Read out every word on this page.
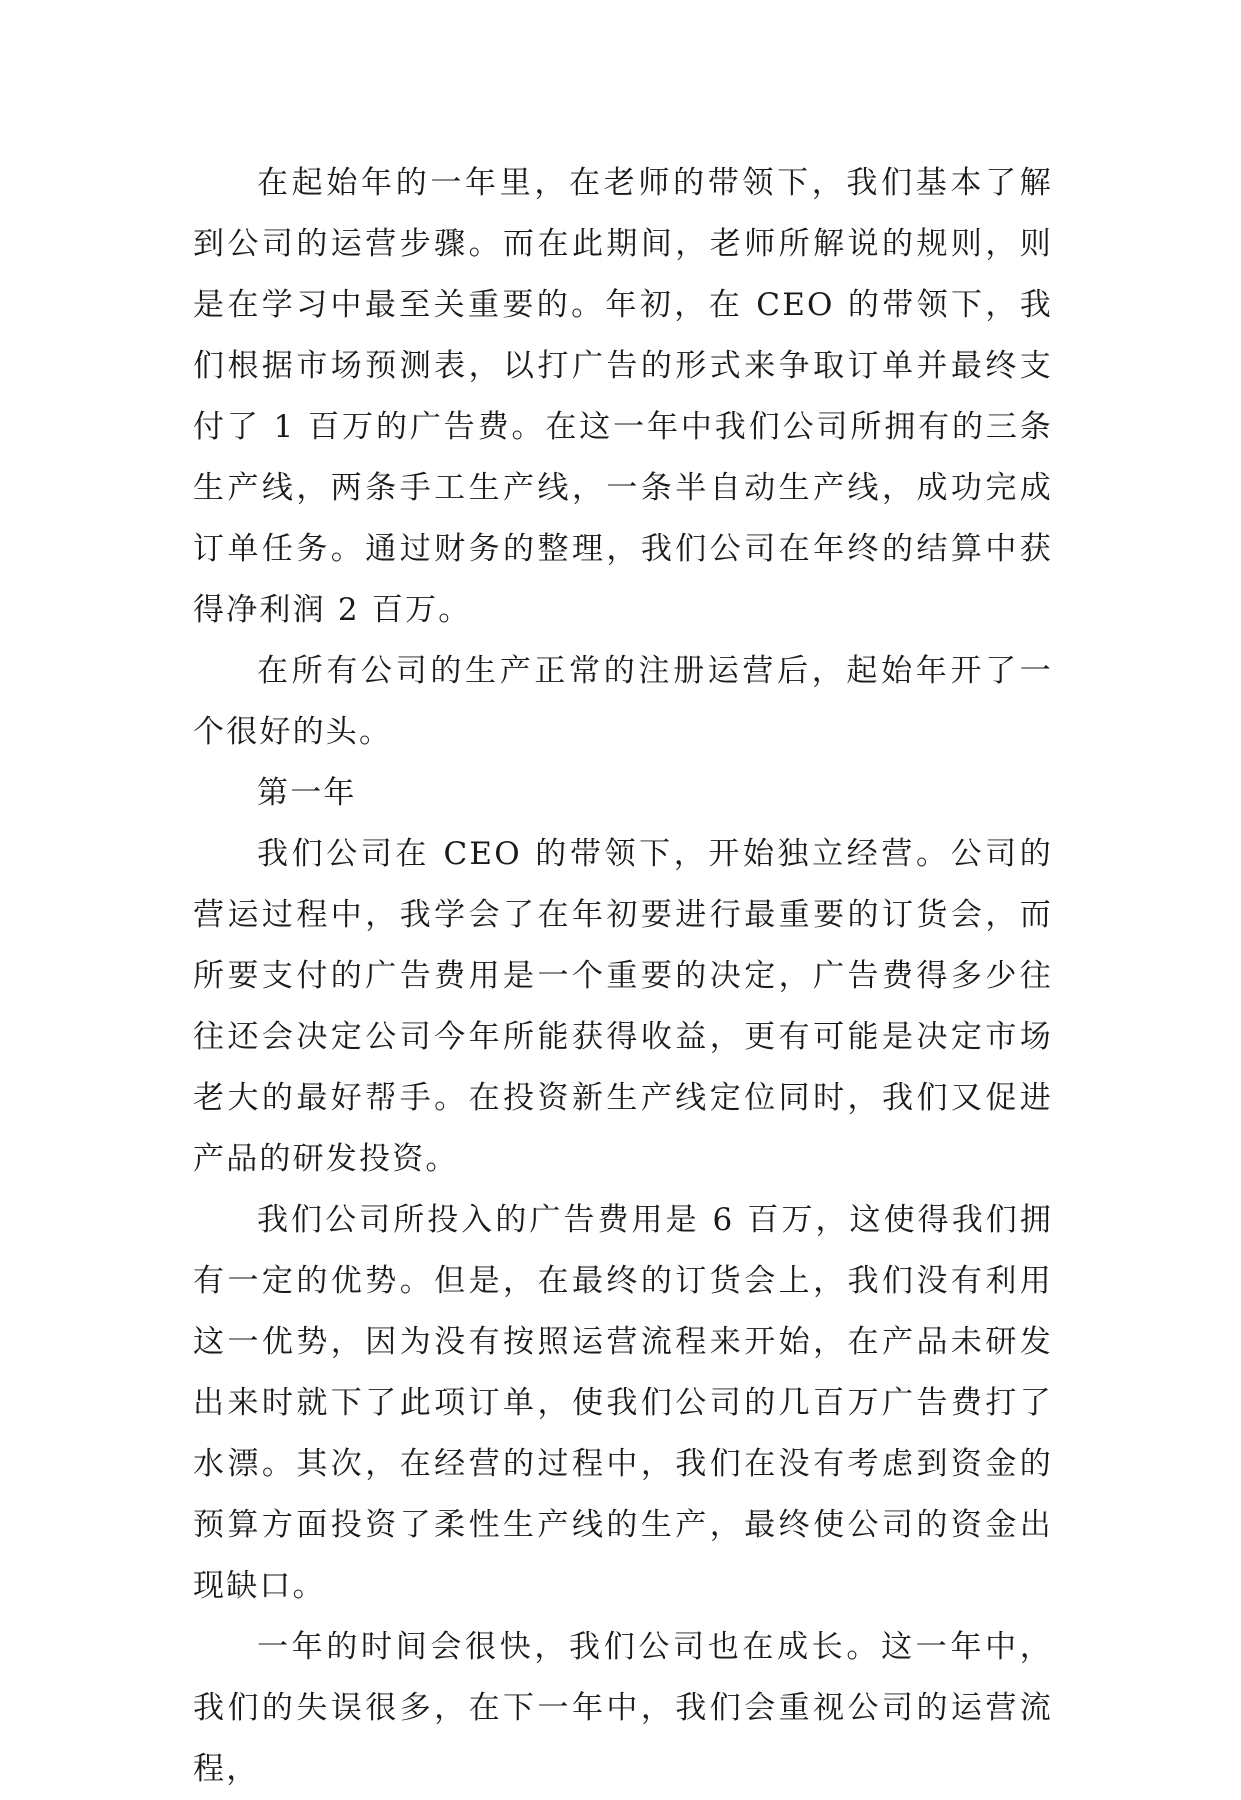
在起始年的一年里，在老师的带领下，我们基本了解到公司的运营步骤。而在此期间，老师所解说的规则，则是在学习中最至关重要的。年初，在 CEO 的带领下，我们根据市场预测表，以打广告的形式来争取订单并最终支付了 1 百万的广告费。在这一年中我们公司所拥有的三条生产线，两条手工生产线，一条半自动生产线，成功完成订单任务。通过财务的整理，我们公司在年终的结算中获得净利润 2 百万。

在所有公司的生产正常的注册运营后，起始年开了一个很好的头。

第一年

我们公司在 CEO 的带领下，开始独立经营。公司的营运过程中，我学会了在年初要进行最重要的订货会，而所要支付的广告费用是一个重要的决定，广告费得多少往往还会决定公司今年所能获得收益，更有可能是决定市场老大的最好帮手。在投资新生产线定位同时，我们又促进产品的研发投资。

我们公司所投入的广告费用是 6 百万，这使得我们拥有一定的优势。但是，在最终的订货会上，我们没有利用这一优势，因为没有按照运营流程来开始，在产品未研发出来时就下了此项订单，使我们公司的几百万广告费打了水漂。其次，在经营的过程中，我们在没有考虑到资金的预算方面投资了柔性生产线的生产，最终使公司的资金出现缺口。

一年的时间会很快，我们公司也在成长。这一年中，我们的失误很多，在下一年中，我们会重视公司的运营流程，
